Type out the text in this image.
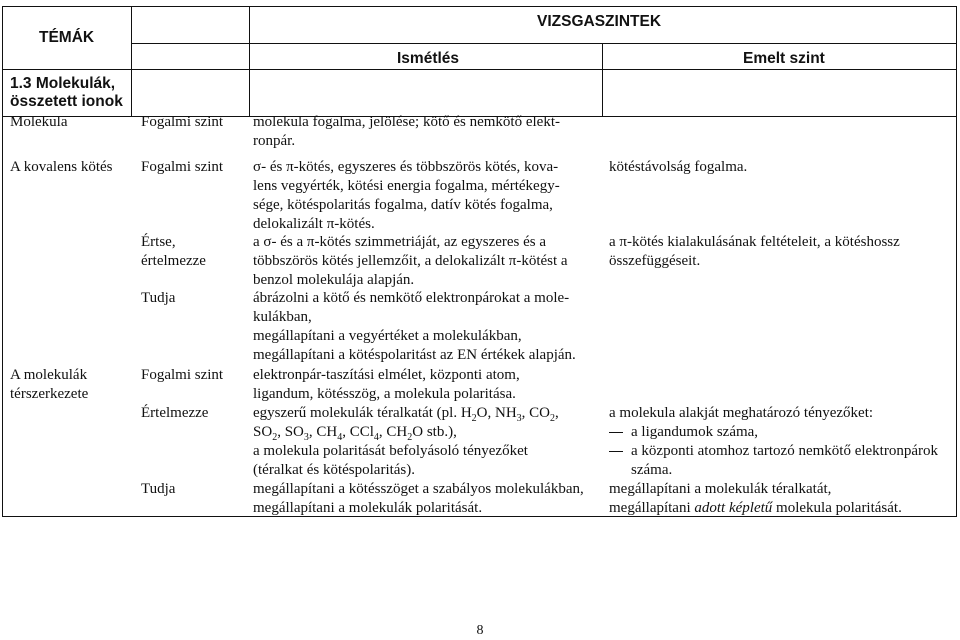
TÉMÁK
VIZSGASZINTEK
Ismétlés	Emelt szint
1.3 Molekulák,
összetett ionok
Molekula
A kovalens kötés
A molekulák
térszerkezete
Fogalmi szint
Fogalmi szint
Értse,
értelmezze
Tudja
Fogalmi szint
Értelmezze
Tudja

molekula fogalma, jelölése; kötő és nemkötő elekt-

ronpár.

σ- és π-kötés, egyszeres és többszörös kötés, kova-

lens vegyérték, kötési energia fogalma, mértékegy-

sége, kötéspolaritás fogalma, datív kötés fogalma,

delokalizált π-kötés.

a σ- és a π-kötés szimmetriáját, az egyszeres és a

többszörös kötés jellemzőit, a delokalizált π-kötést a

benzol molekulája alapján.

ábrázolni a kötő és nemkötő elektronpárokat a mole-

kulákban,

megállapítani a vegyértéket a molekulákban,

megállapítani a kötéspolaritást az EN értékek alapján.

elektronpár-taszítási elmélet, központi atom,

ligandum, kötésszög, a molekula polaritása.

egyszerű molekulák téralkatát (pl. $H_2O$, $NH_3$, $CO_2$,

$SO_2$, $SO_3$, $CH_4$, CCl$_4$, $CH_2O$ stb.),

a molekula polaritását befolyásoló tényezőket

(téralkat és kötéspolaritás).

megállapítani a kötésszöget a szabályos molekulákban,

megállapítani a molekulák polaritását.

kötéstávolság fogalma.

a π-kötés kialakulásának feltételeit, a kötéshossz

összefüggéseit.

a molekula alakját meghatározó tényezőket:

a ligandumok száma,

a központi atomhoz tartozó nemkötő elektronpárok

száma.

megállapítani a molekulák téralkatát,

megállapítani adott képletű molekula polaritását.

8
